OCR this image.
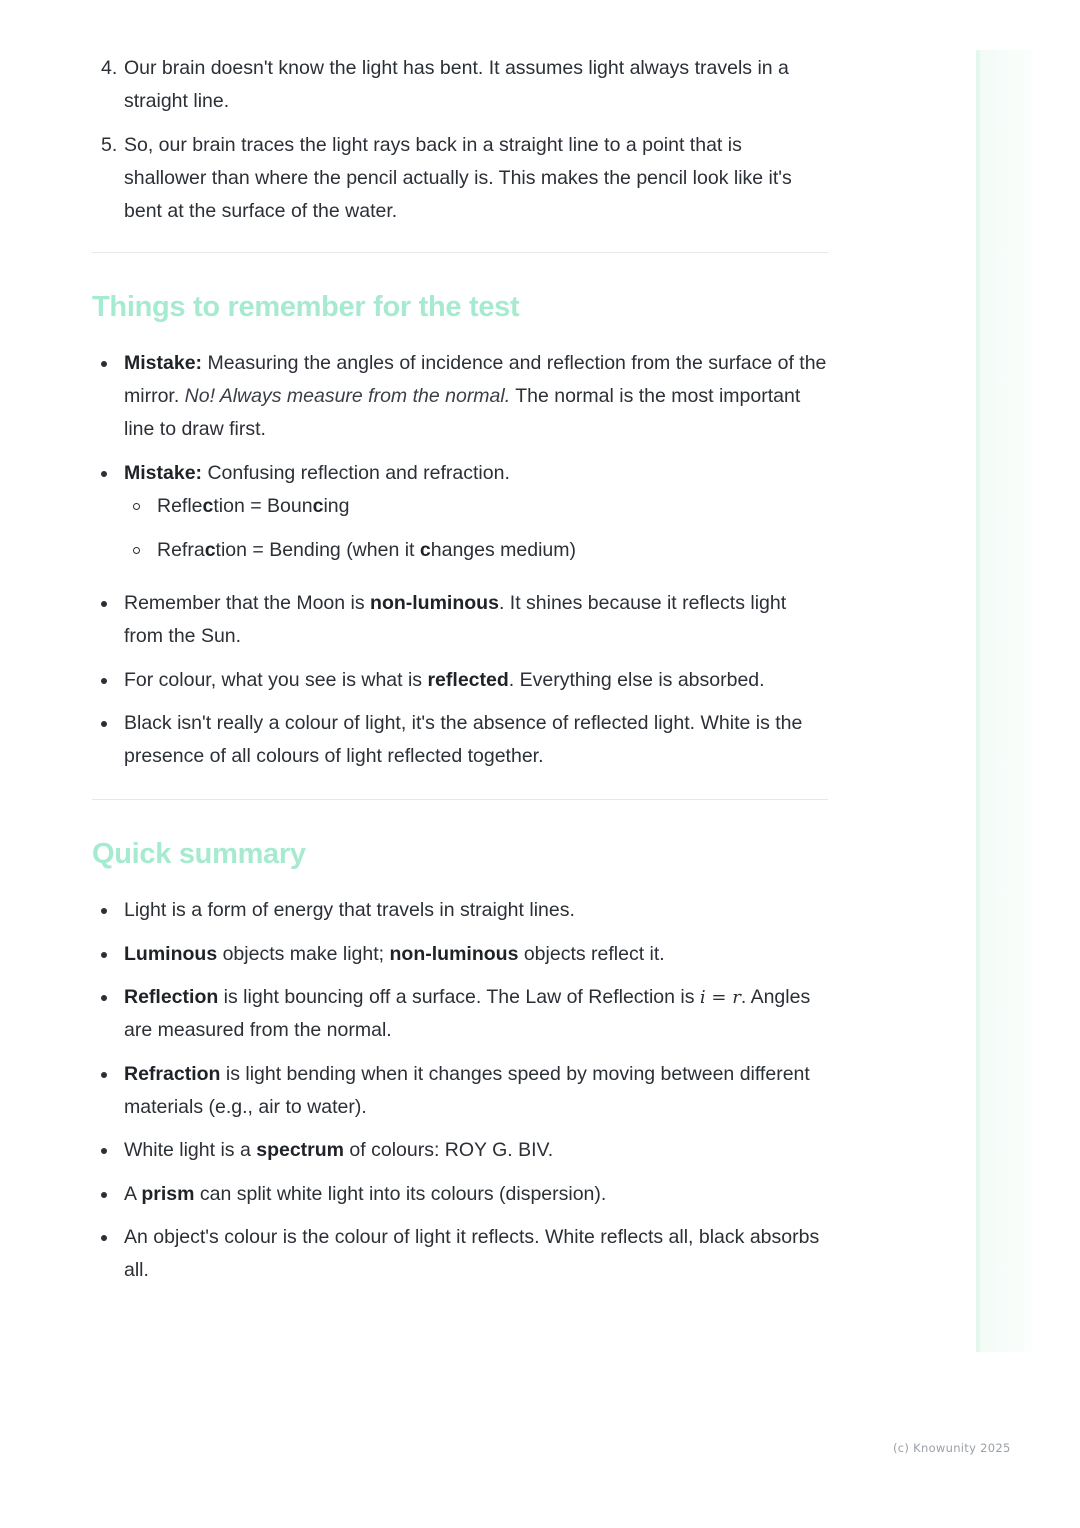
4. Our brain doesn't know the light has bent. It assumes light always travels in a straight line.
5. So, our brain traces the light rays back in a straight line to a point that is shallower than where the pencil actually is. This makes the pencil look like it's bent at the surface of the water.
Things to remember for the test
Mistake: Measuring the angles of incidence and reflection from the surface of the mirror. No! Always measure from the normal. The normal is the most important line to draw first.
Mistake: Confusing reflection and refraction.
Reflection = Bouncing
Refraction = Bending (when it changes medium)
Remember that the Moon is non-luminous. It shines because it reflects light from the Sun.
For colour, what you see is what is reflected. Everything else is absorbed.
Black isn't really a colour of light, it's the absence of reflected light. White is the presence of all colours of light reflected together.
Quick summary
Light is a form of energy that travels in straight lines.
Luminous objects make light; non-luminous objects reflect it.
Reflection is light bouncing off a surface. The Law of Reflection is i = r. Angles are measured from the normal.
Refraction is light bending when it changes speed by moving between different materials (e.g., air to water).
White light is a spectrum of colours: ROY G. BIV.
A prism can split white light into its colours (dispersion).
An object's colour is the colour of light it reflects. White reflects all, black absorbs all.
(c) Knowunity 2025
